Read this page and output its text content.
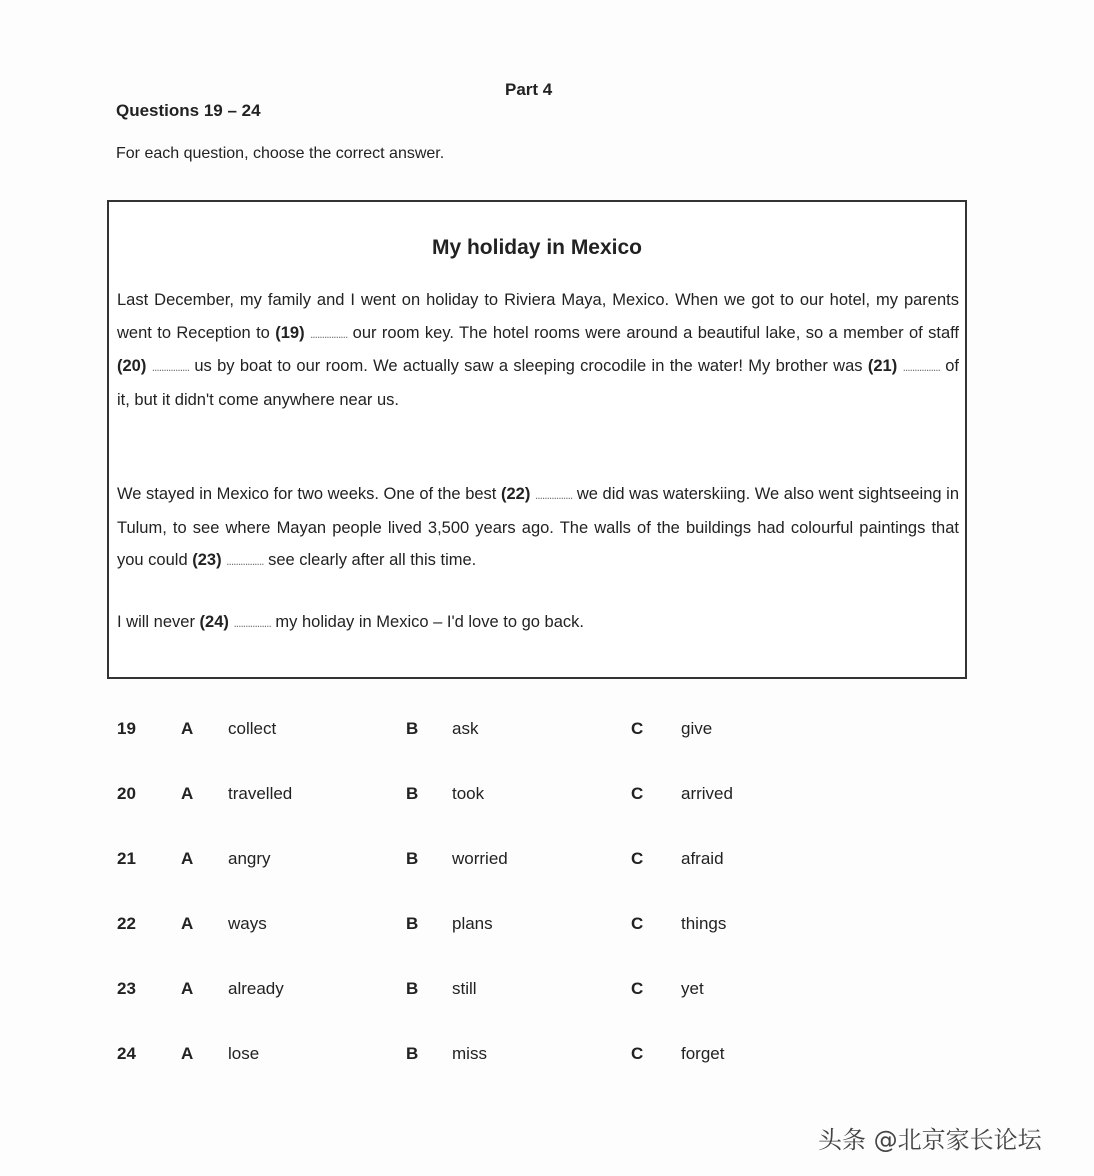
Part 4
Questions 19 – 24
For each question, choose the correct answer.
My holiday in Mexico
Last December, my family and I went on holiday to Riviera Maya, Mexico. When we got to our hotel, my parents went to Reception to (19) ................ our room key. The hotel rooms were around a beautiful lake, so a member of staff (20) ................ us by boat to our room. We actually saw a sleeping crocodile in the water! My brother was (21) ................ of it, but it didn't come anywhere near us.
We stayed in Mexico for two weeks. One of the best (22) ................ we did was waterskiing. We also went sightseeing in Tulum, to see where Mayan people lived 3,500 years ago. The walls of the buildings had colourful paintings that you could (23) ................ see clearly after all this time.
I will never (24) ................ my holiday in Mexico – I'd love to go back.
19	A collect	B ask	C give
20	A travelled	B took	C arrived
21	A angry	B worried	C afraid
22	A ways	B plans	C things
23	A already	B still	C yet
24	A lose	B miss	C forget
头条 @北京家长论坛
